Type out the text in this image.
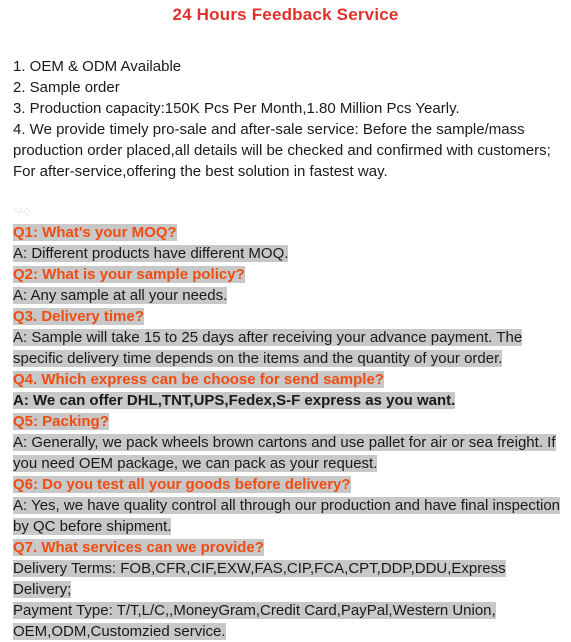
24 Hours Feedback Service

1. OEM & ODM Available

2. Sample order

3. Production capacity:150K Pcs Per Month,1.80 Million Pcs Yearly.

4. We provide timely pro-sale and after-sale service: Before the sample/mass production order placed,all details will be checked and confirmed with customers; For after-service,offering the best solution in fastest way.

FAQ

Q1: What's your MOQ?

A: Different products have different MOQ.

Q2: What is your sample policy?

A: Any sample at all your needs.

Q3. Delivery time?

A: Sample will take 15 to 25 days after receiving your advance payment. The specific delivery time depends on the items and the quantity of your order.

Q4. Which express can be choose for send sample?

A: We can offer DHL,TNT,UPS,Fedex,S-F express as you want.

Q5: Packing?

A: Generally, we pack wheels brown cartons and use pallet for air or sea freight. If you need OEM package, we can pack as your request.

Q6: Do you test all your goods before delivery?

A: Yes, we have quality control all through our production and have final inspection by QC before shipment.

Q7. What services can we provide?

Delivery Terms: FOB,CFR,CIF,EXW,FAS,CIP,FCA,CPT,DDP,DDU,Express Delivery;

Payment Type: T/T,L/C,,MoneyGram,Credit Card,PayPal,Western Union, OEM,ODM,Customzied service.
